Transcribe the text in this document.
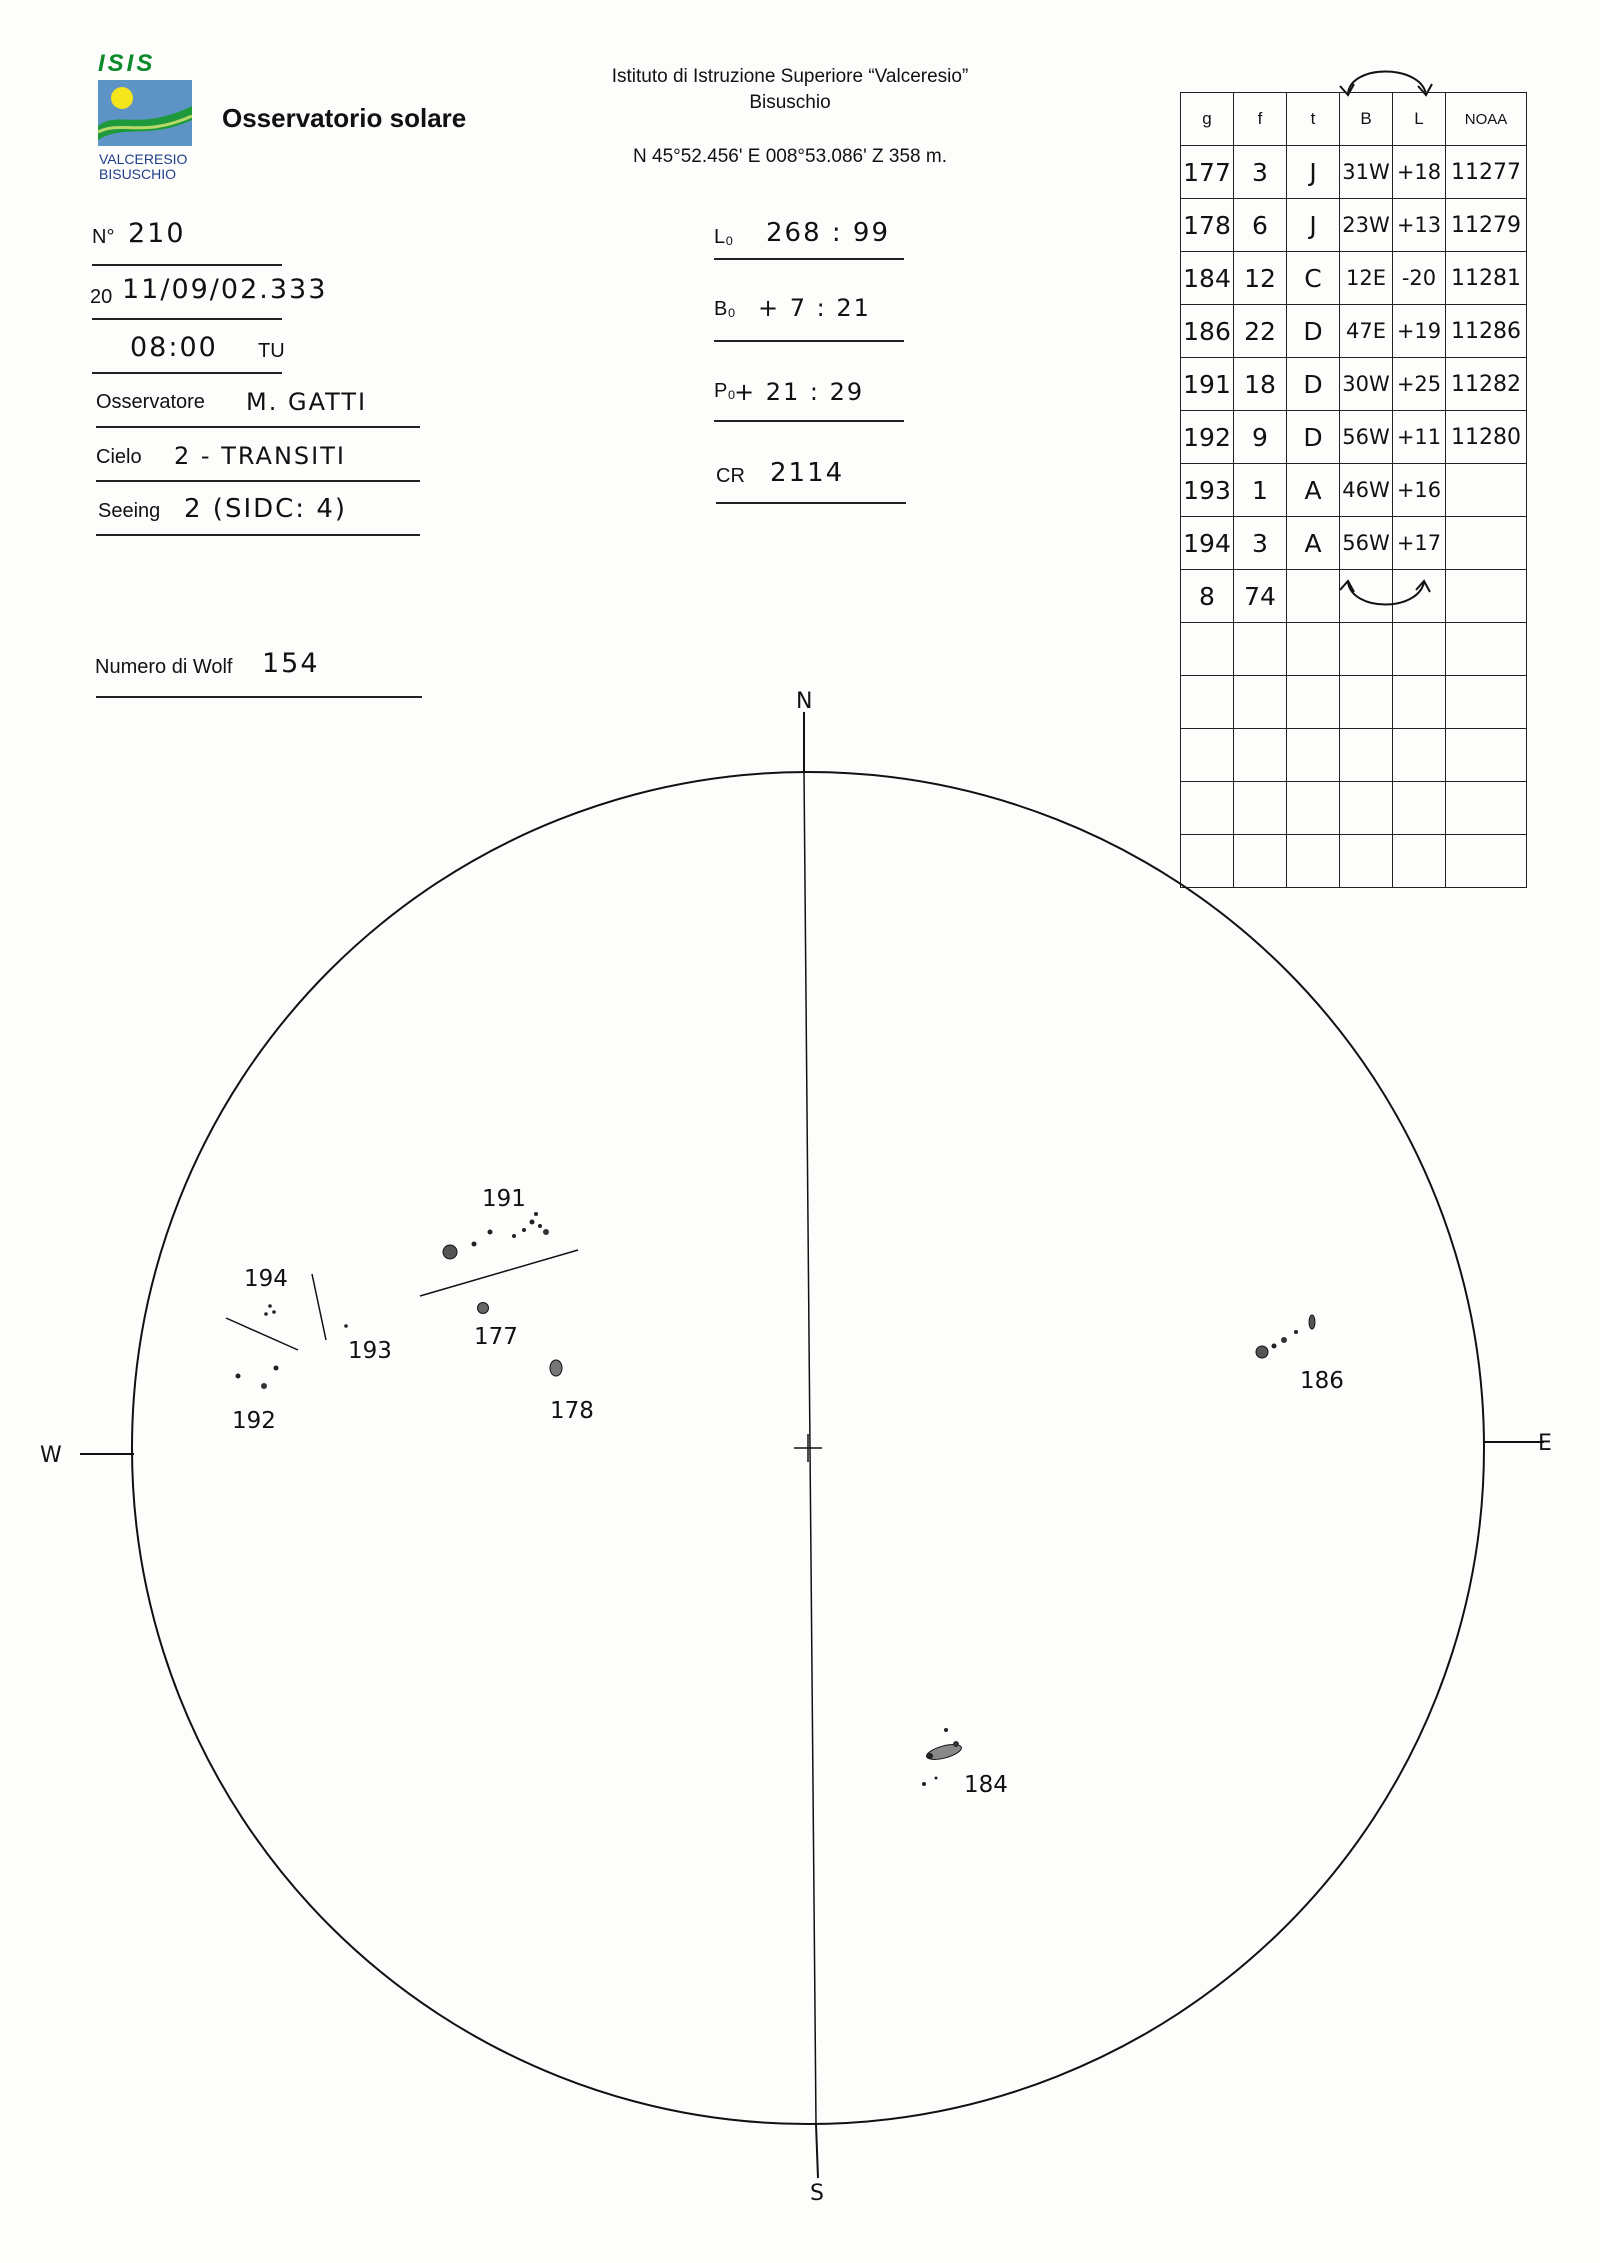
ISIS
VALCERESIO
BISUSCHIO
Osservatorio solare
Istituto di Istruzione Superiore “Valceresio”
Bisuschio
N 45°52.456' E 008°53.086' Z 358 m.
N° 210
20 11/09/02.333
08:00 TU
Osservatore M. GATTI
Cielo 2 - TRANSITI
Seeing 2 (SIDC: 4)
Numero di Wolf 154
L₀ 268 : 99
B₀ + 7 : 21
P₀
+ 21 : 29
CR 2114
g	f	t	B	L	NOAA
177	3	J	31W	+18	11277
178	6	J	23W	+13	11279
184	12	C	12E	-20	11281
186	22	D	47E	+19	11286
191	18	D	30W	+25	11282
192	9	D	56W	+11	11280
193	1	A	46W	+16	
194	3	A	56W	+17	
8	74				

N
S
W	E
191
194
193
177
178
192
186
184
